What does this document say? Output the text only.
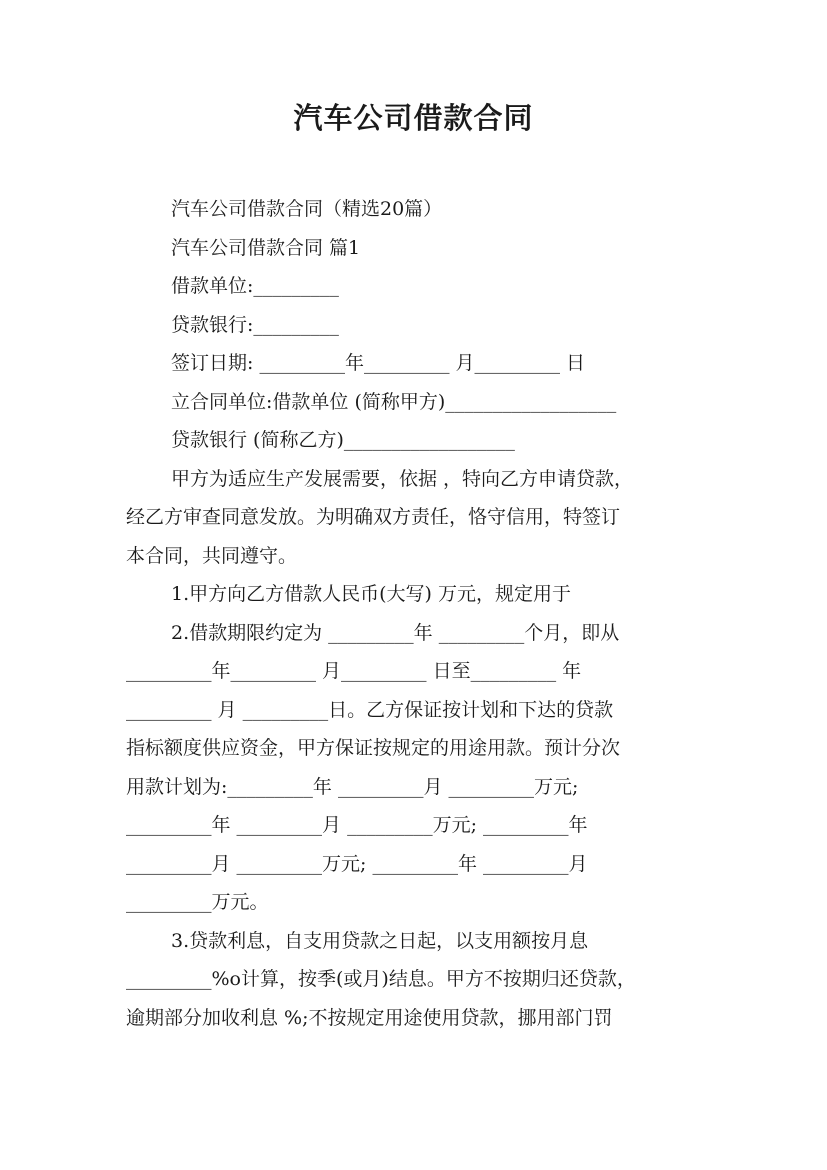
汽车公司借款合同
汽车公司借款合同（精选20篇）
汽车公司借款合同 篇1
借款单位:_________
贷款银行:_________
签订日期: _________年_________ 月_________ 日
立合同单位:借款单位 (简称甲方)__________________
贷款银行 (简称乙方)__________________
甲方为适应生产发展需要，依据 ，特向乙方申请贷款，
经乙方审查同意发放。为明确双方责任，恪守信用，特签订
本合同，共同遵守。
1.甲方向乙方借款人民币(大写) 万元，规定用于
2.借款期限约定为 _________年 _________个月，即从
_________年_________ 月_________ 日至_________ 年
_________ 月 _________日。乙方保证按计划和下达的贷款
指标额度供应资金，甲方保证按规定的用途用款。预计分次
用款计划为:_________年 _________月 _________万元;
_________年 _________月 _________万元; _________年
_________月 _________万元; _________年 _________月
_________万元。
3.贷款利息，自支用贷款之日起，以支用额按月息
_________%o计算，按季(或月)结息。甲方不按期归还贷款，
逾期部分加收利息 %;不按规定用途使用贷款，挪用部门罚
